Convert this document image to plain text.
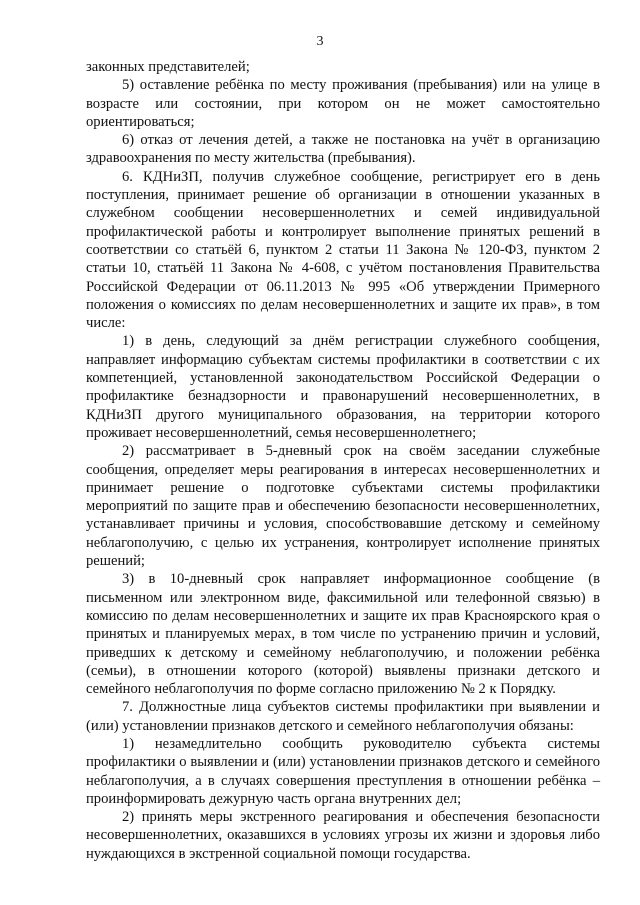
3

законных представителей;

5) оставление ребёнка по месту проживания (пребывания) или на улице в возрасте или состоянии, при котором он не может самостоятельно ориентироваться;

6) отказ от лечения детей, а также не постановка на учёт в организацию здравоохранения по месту жительства (пребывания).

6. КДНиЗП, получив служебное сообщение, регистрирует его в день поступления, принимает решение об организации в отношении указанных в служебном сообщении несовершеннолетних и семей индивидуальной профилактической работы и контролирует выполнение принятых решений в соответствии со статьёй 6, пунктом 2 статьи 11 Закона № 120-ФЗ, пунктом 2 статьи 10, статьёй 11 Закона № 4-608, с учётом постановления Правительства Российской Федерации от 06.11.2013 № 995 «Об утверждении Примерного положения о комиссиях по делам несовершеннолетних и защите их прав», в том числе:

1) в день, следующий за днём регистрации служебного сообщения, направляет информацию субъектам системы профилактики в соответствии с их компетенцией, установленной законодательством Российской Федерации о профилактике безнадзорности и правонарушений несовершеннолетних, в КДНиЗП другого муниципального образования, на территории которого проживает несовершеннолетний, семья несовершеннолетнего;

2) рассматривает в 5-дневный срок на своём заседании служебные сообщения, определяет меры реагирования в интересах несовершеннолетних и принимает решение о подготовке субъектами системы профилактики мероприятий по защите прав и обеспечению безопасности несовершеннолетних, устанавливает причины и условия, способствовавшие детскому и семейному неблагополучию, с целью их устранения, контролирует исполнение принятых решений;

3) в 10-дневный срок направляет информационное сообщение (в письменном или электронном виде, факсимильной или телефонной связью) в комиссию по делам несовершеннолетних и защите их прав Красноярского края о принятых и планируемых мерах, в том числе по устранению причин и условий, приведших к детскому и семейному неблагополучию, и положении ребёнка (семьи), в отношении которого (которой) выявлены признаки детского и семейного неблагополучия по форме согласно приложению № 2 к Порядку.

7. Должностные лица субъектов системы профилактики при выявлении и (или) установлении признаков детского и семейного неблагополучия обязаны:

1) незамедлительно сообщить руководителю субъекта системы профилактики о выявлении и (или) установлении признаков детского и семейного неблагополучия, а в случаях совершения преступления в отношении ребёнка – проинформировать дежурную часть органа внутренних дел;

2) принять меры экстренного реагирования и обеспечения безопасности несовершеннолетних, оказавшихся в условиях угрозы их жизни и здоровья либо нуждающихся в экстренной социальной помощи государства.
